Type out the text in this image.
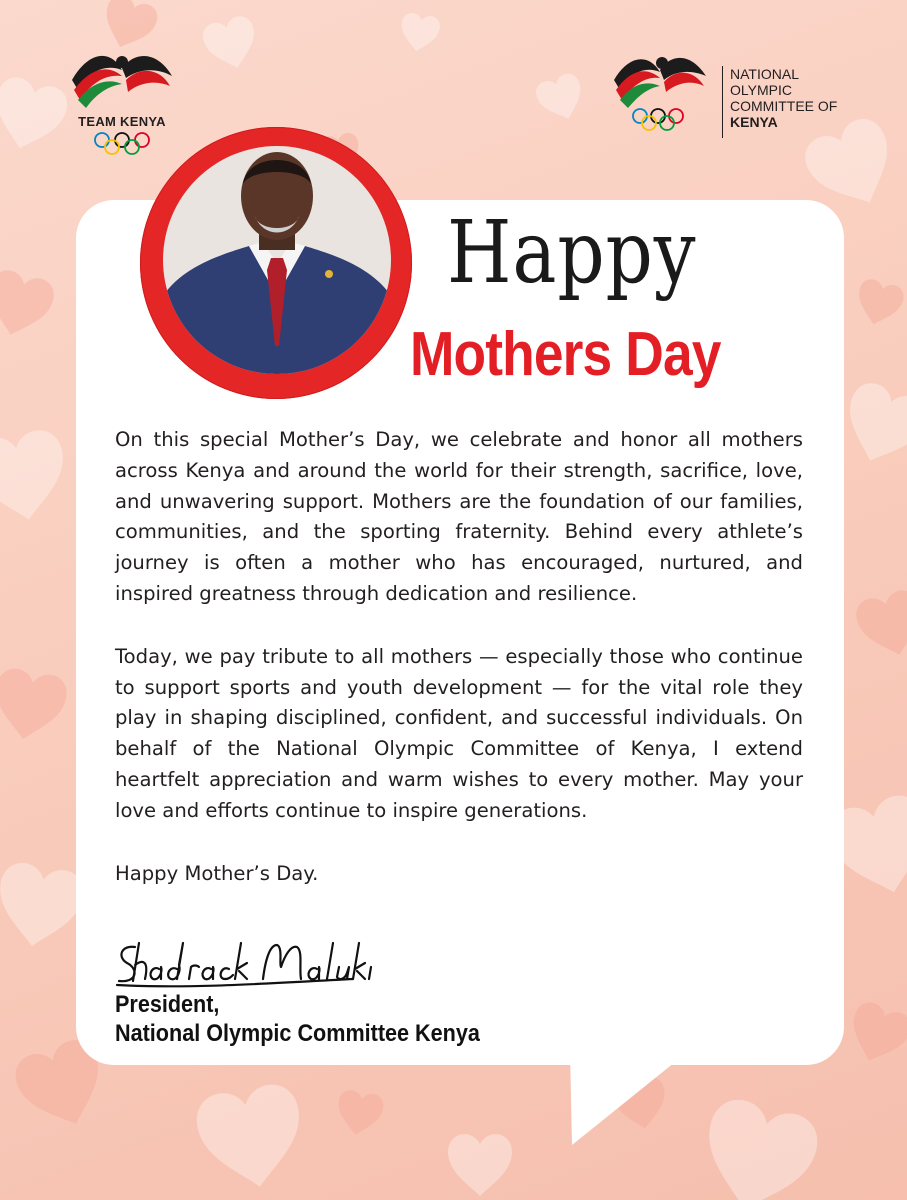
TEAM KENYA
NATIONAL
OLYMPIC
COMMITTEE OF
KENYA
Happy
Mothers Day

On this special Mother’s Day, we celebrate and honor all mothers across Kenya and around the world for their strength, sacrifice, love, and unwavering support. Mothers are the foundation of our families, communities, and the sporting fraternity. Behind every athlete’s journey is often a mother who has encouraged, nurtured, and inspired greatness through dedication and resilience.

Today, we pay tribute to all mothers — especially those who continue to support sports and youth development — for the vital role they play in shaping disciplined, confident, and successful individuals. On behalf of the National Olympic Committee of Kenya, I extend heartfelt appreciation and warm wishes to every mother. May your love and efforts continue to inspire generations.

Happy Mother’s Day.

President,
National Olympic Committee Kenya
